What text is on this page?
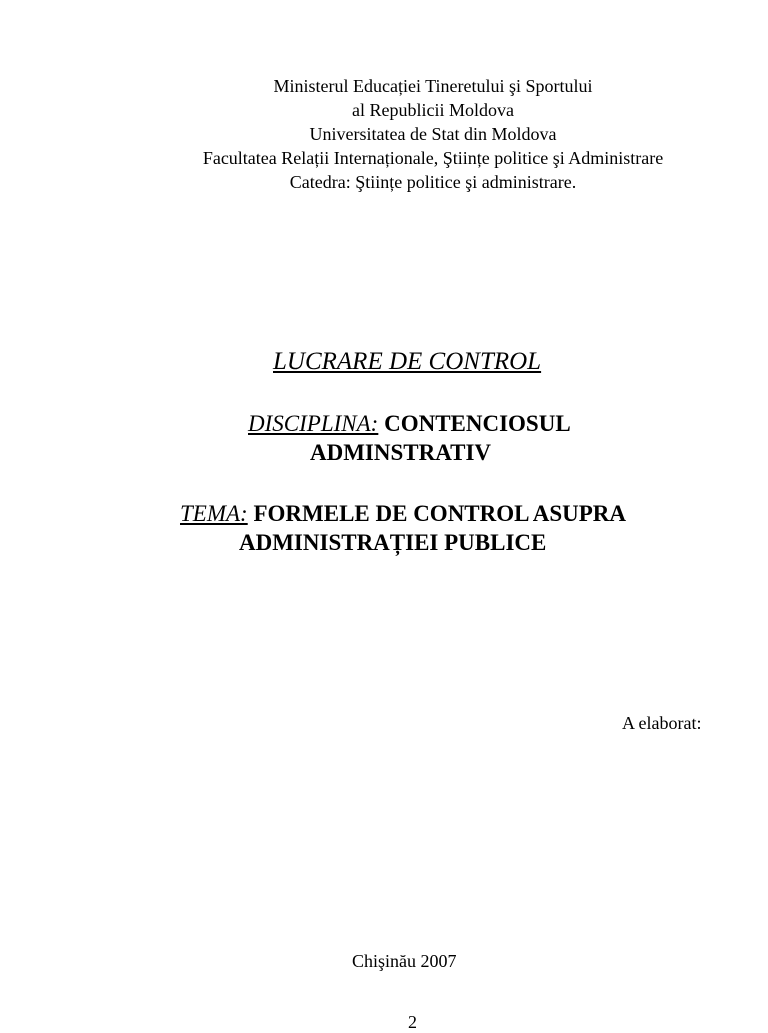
Ministerul Educației Tineretului şi Sportului
al Republicii Moldova
Universitatea de Stat din Moldova
Facultatea Relații Internaționale, Ştiințe politice şi Administrare
Catedra: Ştiințe politice şi administrare.
LUCRARE DE CONTROL
DISCIPLINA: CONTENCIOSUL
ADMINSTRATIV
TEMA: FORMELE DE CONTROL ASUPRA
ADMINISTRAȚIEI PUBLICE
A elaborat:
Chişinău 2007
2
